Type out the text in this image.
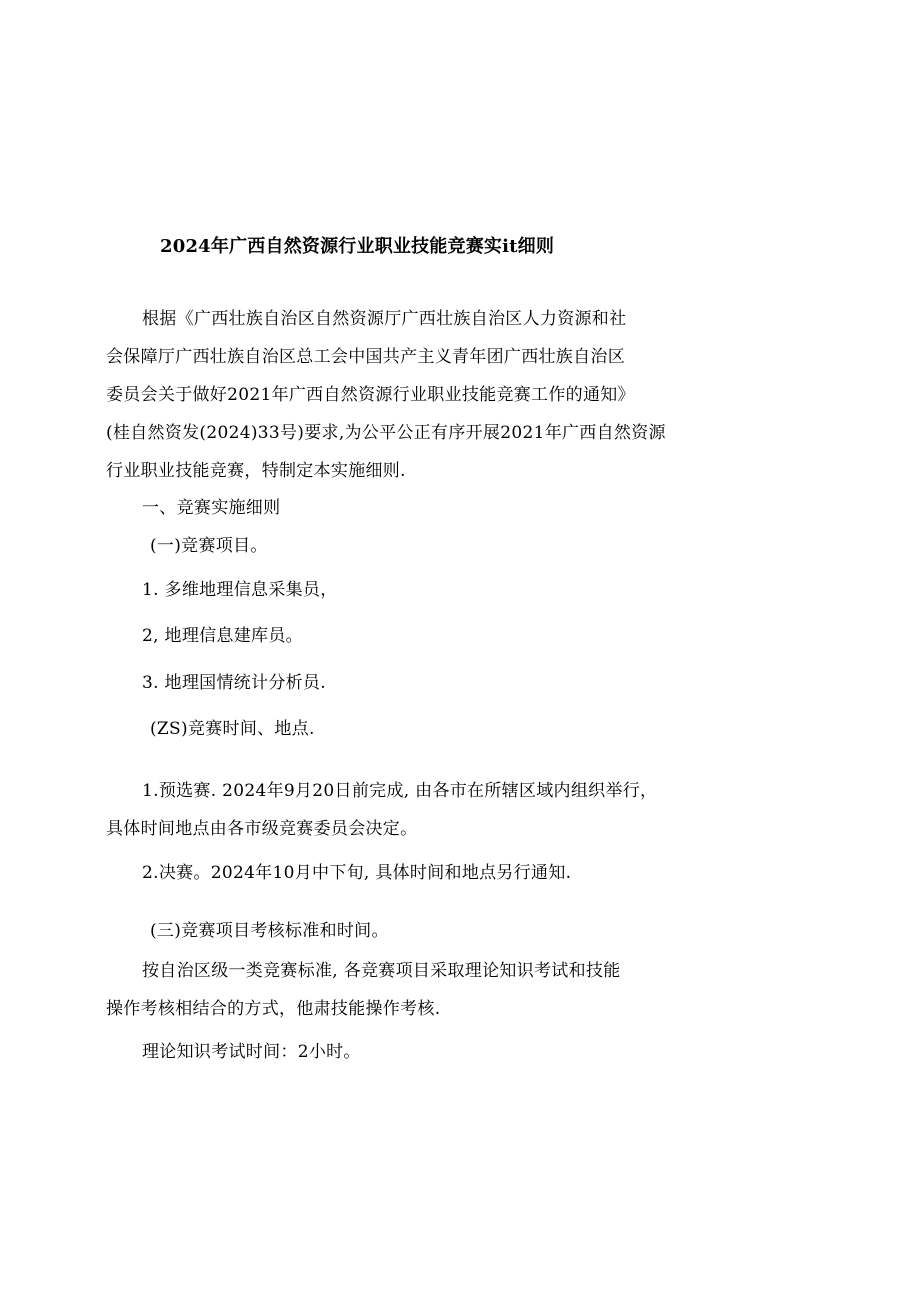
2024年广西自然资源行业职业技能竞赛实it细则
根据《广西壮族自治区自然资源厅广西壮族自治区人力资源和社
会保障厅广西壮族自治区总工会中国共产主义青年团广西壮族自治区
委员会关于做好2021年广西自然资源行业职业技能竞赛工作的通知》
(桂自然资发(2024)33号)要求,为公平公正有序开展2021年广西自然资源
行业职业技能竞赛，特制定本实施细则.
一、竞赛实施细则
(一)竞赛项目。
1. 多维地理信息采集员，
2, 地理信息建库员。
3. 地理国情统计分析员.
(ZS)竞赛时间、地点.
1.预选赛. 2024年9月20日前完成, 由各市在所辖区域内组织举行，
具体时间地点由各市级竞赛委员会决定。
2.决赛。2024年10月中下旬, 具体时间和地点另行通知.
(三)竞赛项目考核标准和时间。
按自治区级一类竞赛标准, 各竞赛项目采取理论知识考试和技能
操作考核相结合的方式，他肃技能操作考核.
理论知识考试时间：2小时。
